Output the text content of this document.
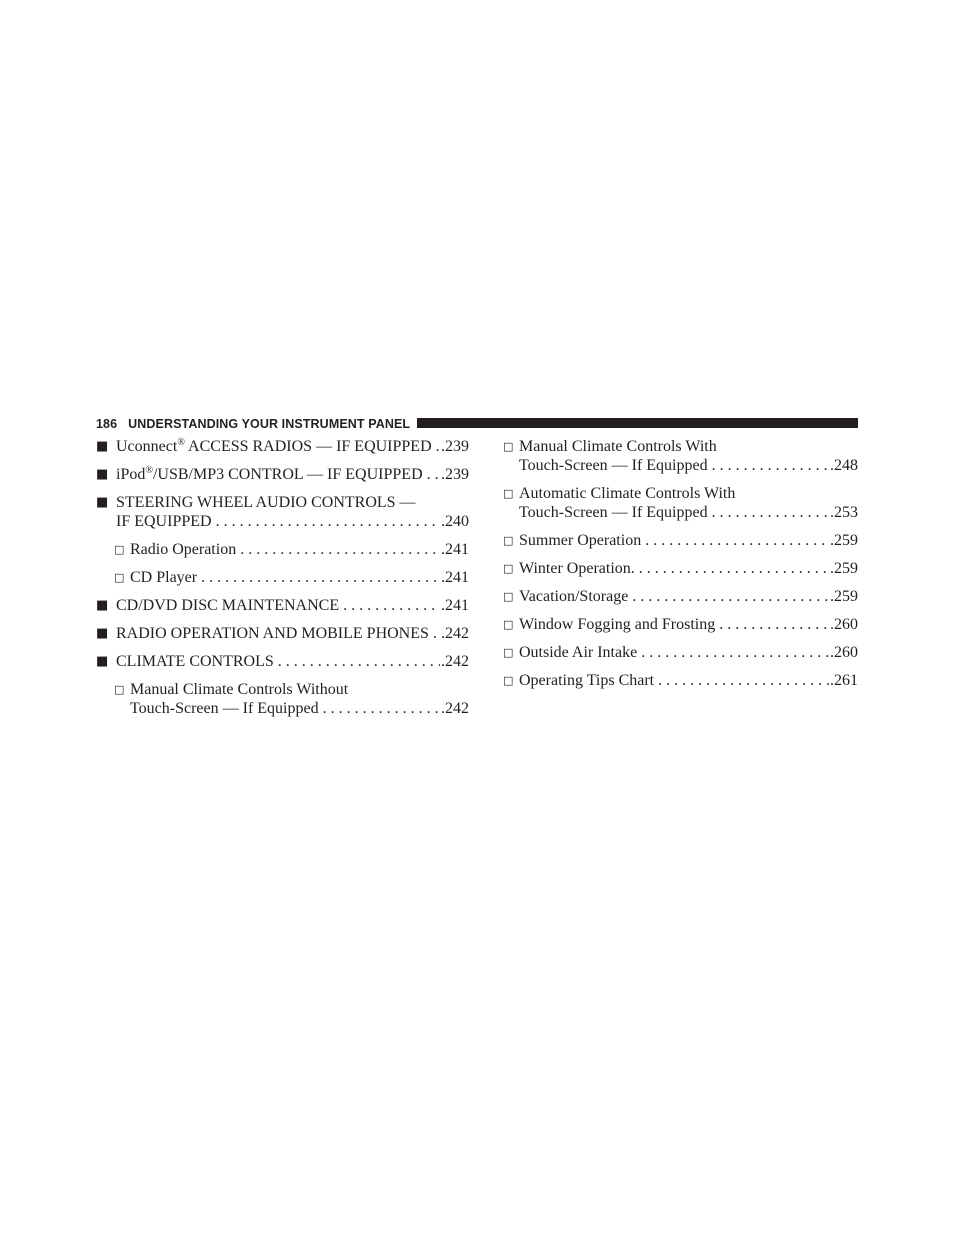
186 UNDERSTANDING YOUR INSTRUMENT PANEL
■ Uconnect® ACCESS RADIOS — IF EQUIPPED . . . .239
■ iPod®/USB/MP3 CONTROL — IF EQUIPPED . . . .239
■ STEERING WHEEL AUDIO CONTROLS —
IF EQUIPPED . . .	.240
□ Radio Operation . . .	.241
□ CD Player . . .	.241
■ CD/DVD DISC MAINTENANCE . . .	.241
■ RADIO OPERATION AND MOBILE PHONES . . . .242
■ CLIMATE CONTROLS . . .	.242
□ Manual Climate Controls Without
Touch-Screen — If Equipped . . .	.242
□ Manual Climate Controls With
Touch-Screen — If Equipped . . .	.248
□ Automatic Climate Controls With
Touch-Screen — If Equipped . . .	.253
□ Summer Operation . . .	.259
□ Winter Operation. . . .	.259
□ Vacation/Storage . . .	.259
□ Window Fogging and Frosting . . .	.260
□ Outside Air Intake . . .	.260
□ Operating Tips Chart . . .	.261
